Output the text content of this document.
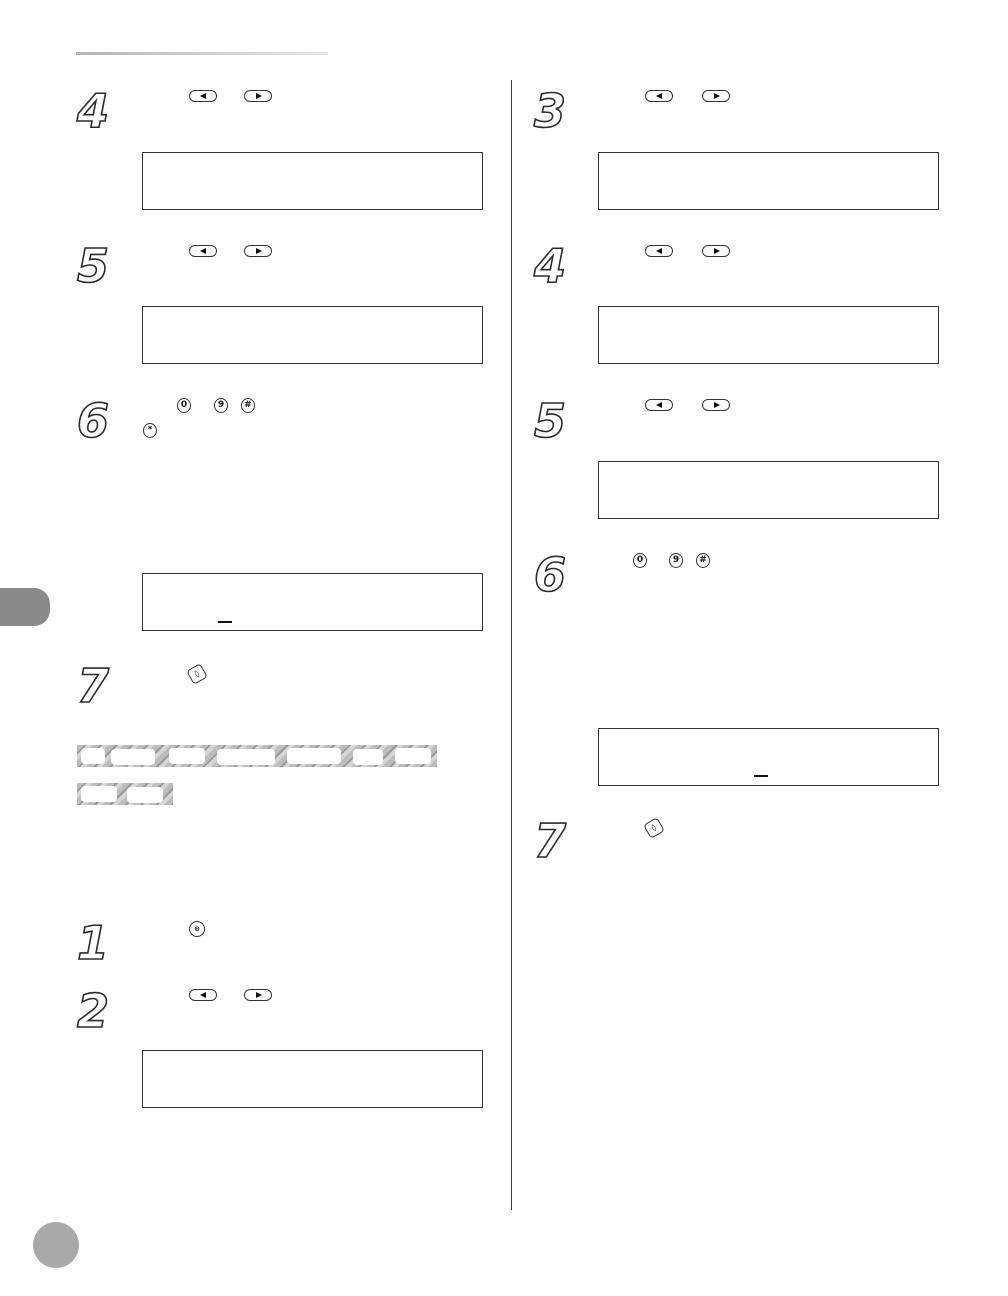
4
5
6	0	9	#
*
7	◊
1	⊛
2
3
4
5
6	0	9	#
7	◊
